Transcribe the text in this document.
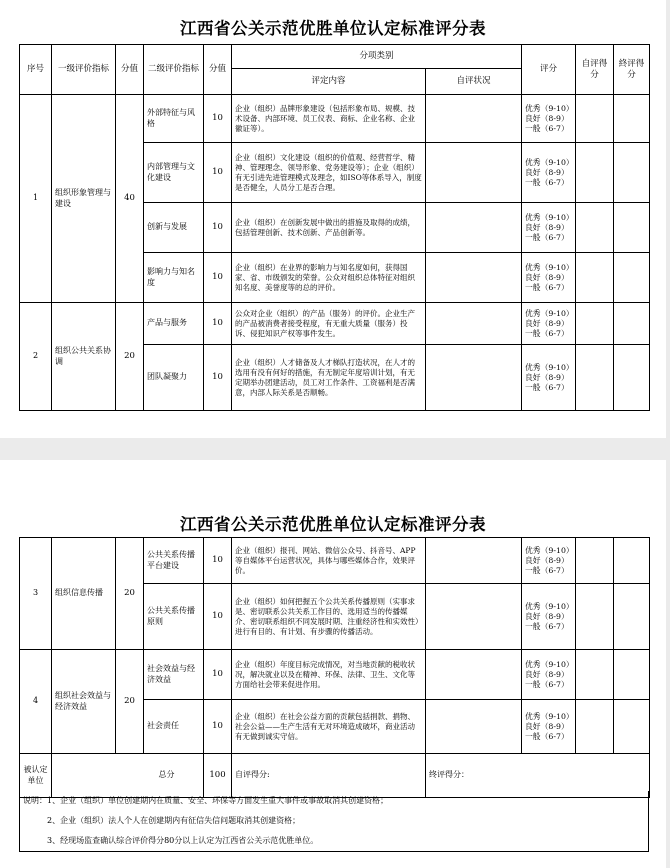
江西省公关示范优胜单位认定标准评分表
江西省公关示范优胜单位认定标准评分表
序号	一级评价指标	分值	二级评价指标	分值	分项类别		评分	自评得分	終评得分
					评定内容	自评状况			
1	组织形象管理与建设	40	外部特征与风格	10	企业（组织）品牌形象建设（包括形象布局、规模、技术设备、内部环境、员工仪表、商标、企业名称、企业徽证等）。		优秀（9-10）
良好（8-9）
一般（6-7）		

			内部管理与文化建设	10	企业（组织）文化建设（组织的价值观、经营哲学、精神、管理理念、领导形象、党务建设等）；企业（组织）有无引进先进管理模式及理念，如ISO等体系导入，制度是否健全，人员分工是否合理。		优秀（9-10）
良好（8-9）
一般（6-7）		

			创新与发展	10	企业（组织）在创新发展中做出的措施及取得的成绩，包括管理创新、技术创新、产品创新等。		优秀（9-10）
良好（8-9）
一般（6-7）		

			影响力与知名度	10	企业（组织）在业界的影响力与知名度如何，获得国家、省、市级颁发的荣誉。公众对组织总体特征对组织知名度、美誉度等的总的评价。		优秀（9-10）
良好（8-9）
一般（6-7）		

2	组织公共关系协调	20	产品与服务	10	公众对企业（组织）的产品（服务）的评价。企业生产的产品被消费者接受程度，有无重大质量（服务）投诉、侵犯知识产权等事件发生。		优秀（9-10）
良好（8-9）
一般（6-7）		

			团队凝聚力	10	企业（组织）人才储备及人才梯队打造状况，在人才的选用有没有何好的措施，有无制定年度培训计划，有无定期举办团建活动，员工对工作条件、工资福利是否满意，内部人际关系是否顺畅。		优秀（9-10）
良好（8-9）
一般（6-7）		

3	组织信息传播	20	公共关系传播平台建设	10	企业（组织）报刊、网站、微信公众号、抖音号、APP等自媒体平台运营状况，具体与哪些媒体合作，效果评价。		优秀（9-10）
良好（8-9）
一般（6-7）		

			公共关系传播原则	10	企业（组织）如何把握五个公共关系传播原则（实事求是、密切联系公共关系工作目的、选用适当的传播媒介、密切联系组织不同发展时期、注重经济性和实效性）进行有目的、有计划、有步骤的传播活动。		优秀（9-10）
良好（8-9）
一般（6-7）		

4	组织社会效益与经济效益	20	社会效益与经济效益	10	企业（组织）年度目标完成情况，对当地贡献的税收状况，解决就业以及在精神、环保、法律、卫生、文化等方面给社会带来促进作用。		优秀（9-10）
良好（8-9）
一般（6-7）		

			社会责任	10	企业（组织）在社会公益方面的贡献包括捐款、捐物、社会公益——生产生活有无对环境造成破坏，商业活动有无做到诚实守信。		优秀（9-10）
良好（8-9）
一般（6-7）		

被认定单位	总分			100	自评得分:	终评得分：			
说明：1、企业（组织）单位创建期内在质量、安全、环保等方面发生重大事件或事故取消其创建资格；
2、企业（组织）法人个人在创建期内有征信失信问题取消其创建资格；
3、经现场监查确认综合评价得分80分以上认定为江西省公关示范优胜单位。
